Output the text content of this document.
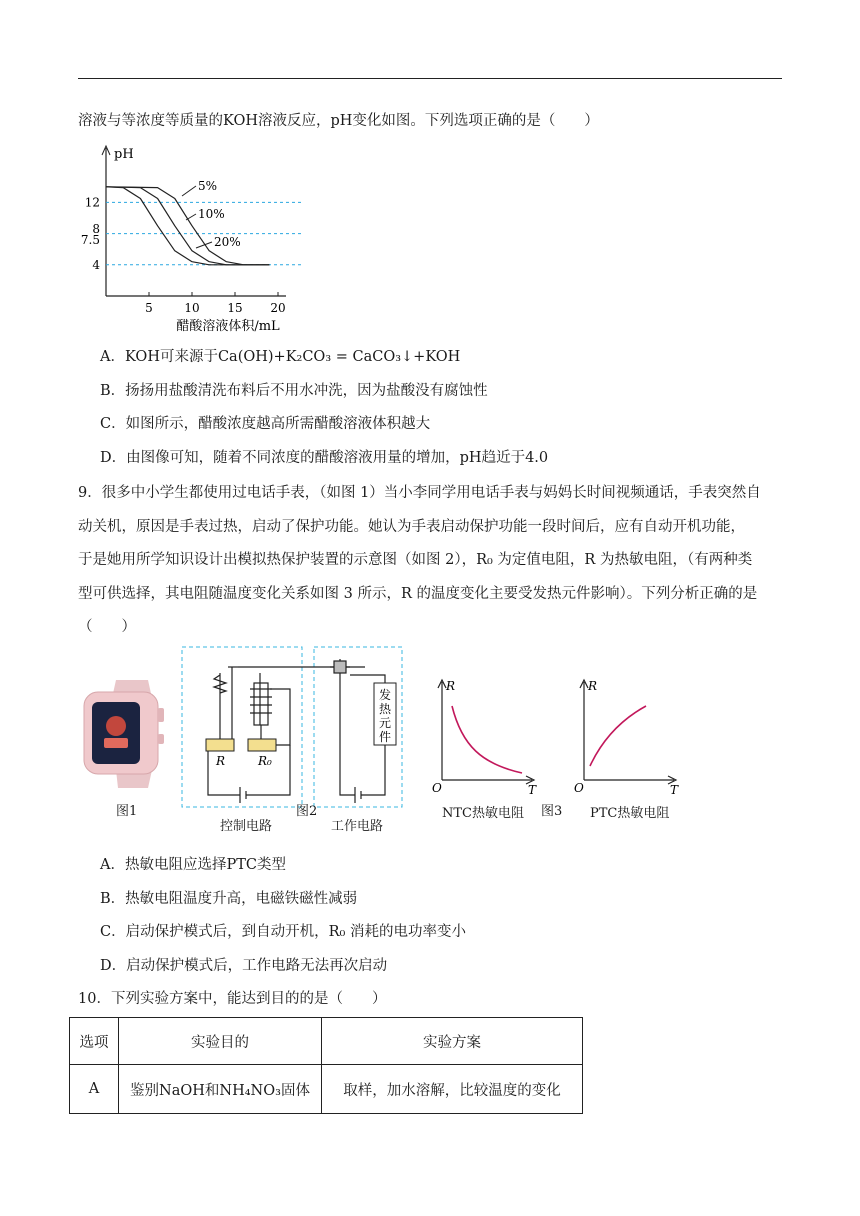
溶液与等浓度等质量的KOH溶液反应，pH变化如图。下列选项正确的是（　　）
pH
醋酸溶液体积/mL
4
7.5
8
12
5	10 15 20
5%
10%
20%
A．KOH可来源于Ca(OH)+K₂CO₃ = CaCO₃↓+KOH
B．扬扬用盐酸清洗布料后不用水冲洗，因为盐酸没有腐蚀性
C．如图所示，醋酸浓度越高所需醋酸溶液体积越大
D．由图像可知，随着不同浓度的醋酸溶液用量的增加，pH趋近于4.0
9．很多中小学生都使用过电话手表，（如图 1）当小李同学用电话手表与妈妈长时间视频通话，手表突然自
动关机，原因是手表过热，启动了保护功能。她认为手表启动保护功能一段时间后，应有自动开机功能，
于是她用所学知识设计出模拟热保护装置的示意图（如图 2），R₀ 为定值电阻，R 为热敏电阻，（有两种类
型可供选择，其电阻随温度变化关系如图 3 所示，R 的温度变化主要受发热元件影响）。下列分析正确的是
（　　）
图1
发
热
元
件
R	R₀
控制电路
图2
工作电路
R
O	T
R
O	T
NTC热敏电阻	PTC热敏电阻
图3
A．热敏电阻应选择PTC类型
B．热敏电阻温度升高，电磁铁磁性减弱
C．启动保护模式后，到自动开机，R₀ 消耗的电功率变小
D．启动保护模式后，工作电路无法再次启动
10．下列实验方案中，能达到目的的是（　　）
选项	实验目的	实验方案
A	鉴别NaOH和NH₄NO₃固体	取样，加水溶解，比较温度的变化
